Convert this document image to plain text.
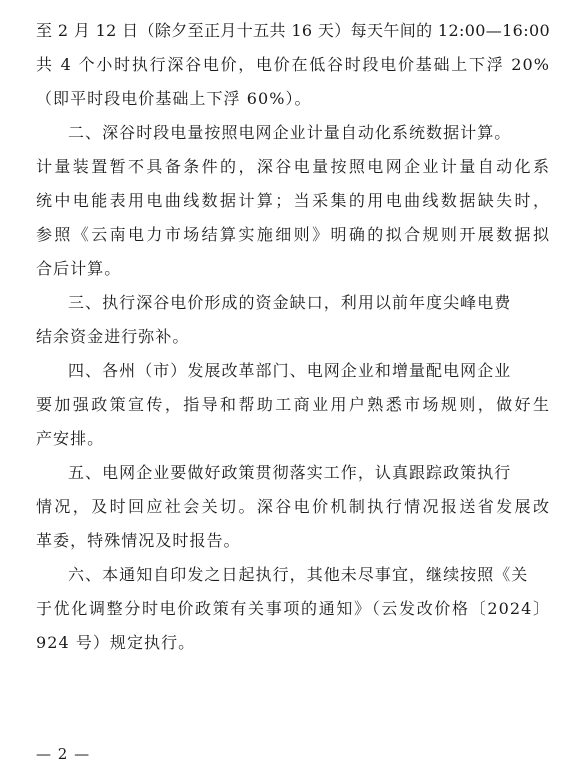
至 2 月 12 日（除夕至正月十五共 16 天）每天午间的 12:00—16:00
共 4 个小时执行深谷电价，电价在低谷时段电价基础上下浮 20%
（即平时段电价基础上下浮 60%）。
二、深谷时段电量按照电网企业计量自动化系统数据计算。
计量装置暂不具备条件的，深谷电量按照电网企业计量自动化系
统中电能表用电曲线数据计算；当采集的用电曲线数据缺失时，
参照《云南电力市场结算实施细则》明确的拟合规则开展数据拟
合后计算。
三、执行深谷电价形成的资金缺口，利用以前年度尖峰电费
结余资金进行弥补。
四、各州（市）发展改革部门、电网企业和增量配电网企业
要加强政策宣传，指导和帮助工商业用户熟悉市场规则，做好生
产安排。
五、电网企业要做好政策贯彻落实工作，认真跟踪政策执行
情况，及时回应社会关切。深谷电价机制执行情况报送省发展改
革委，特殊情况及时报告。
六、本通知自印发之日起执行，其他未尽事宜，继续按照《关
于优化调整分时电价政策有关事项的通知》（云发改价格〔2024〕
924 号）规定执行。
— 2 —
